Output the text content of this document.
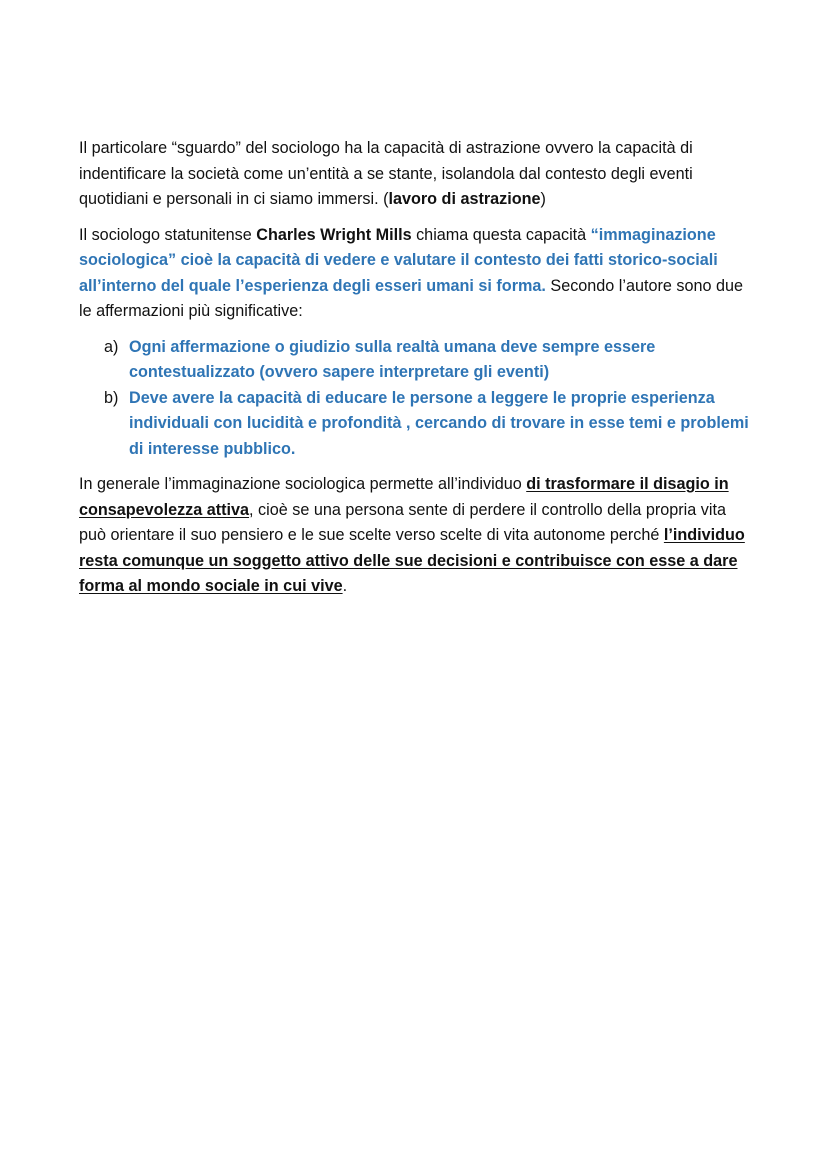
Il particolare “sguardo” del sociologo ha la capacità di astrazione ovvero la capacità di indentificare la società come un’entità a se stante, isolandola dal contesto degli eventi quotidiani e personali in ci siamo immersi. (lavoro di astrazione)

Il sociologo statunitense Charles Wright Mills chiama questa capacità “immaginazione sociologica” cioè la capacità di vedere e valutare il contesto dei fatti storico-sociali all’interno del quale l’esperienza degli esseri umani si forma. Secondo l’autore sono due le affermazioni più significative:

a) Ogni affermazione o giudizio sulla realtà umana deve sempre essere contestualizzato (ovvero sapere interpretare gli eventi)
b) Deve avere la capacità di educare le persone a leggere le proprie esperienza individuali con lucidità e profondità , cercando di trovare in esse temi e problemi di interesse pubblico.

In generale l’immaginazione sociologica permette all’individuo di trasformare il disagio in consapevolezza attiva, cioè se una persona sente di perdere il controllo della propria vita può orientare il suo pensiero e le sue scelte verso scelte di vita autonome perché l’individuo resta comunque un soggetto attivo delle sue decisioni e contribuisce con esse a dare forma al mondo sociale in cui vive.
